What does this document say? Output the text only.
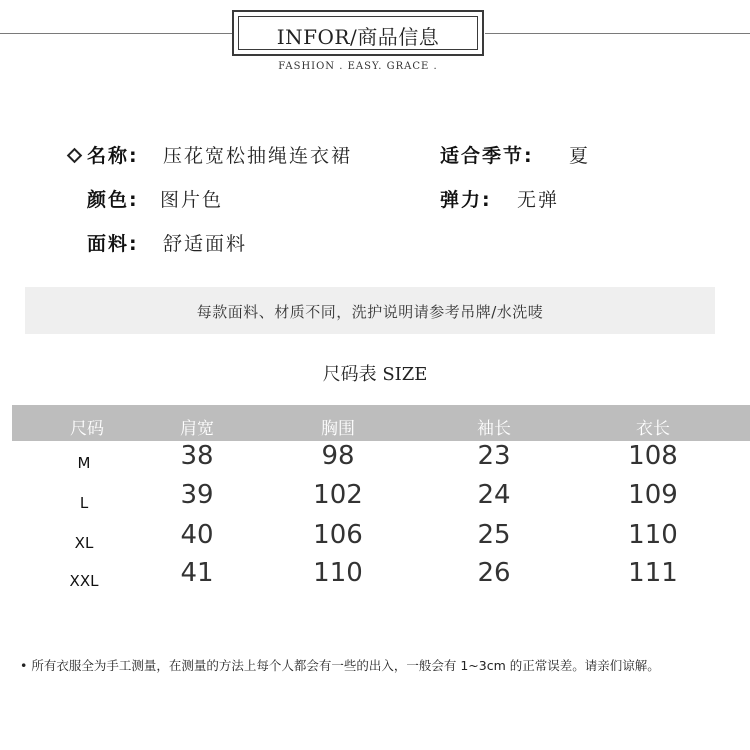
INFOR/商品信息
FASHION . EASY. GRACE .
名称: 压花宽松抽绳连衣裙	适合季节: 夏
颜色: 图片色	弹力: 无弹
面料: 舒适面料
每款面料、材质不同，洗护说明请参考吊牌/水洗唛
尺码表 SIZE
尺码	肩宽	胸围	袖长	衣长
M	38	98	23	108
L	39	102	24	109
XL	40	106	25	110
XXL	41	110	26	111
• 所有衣服全为手工测量，在测量的方法上每个人都会有一些的出入，一般会有 1~3cm 的正常误差。请亲们谅解。
